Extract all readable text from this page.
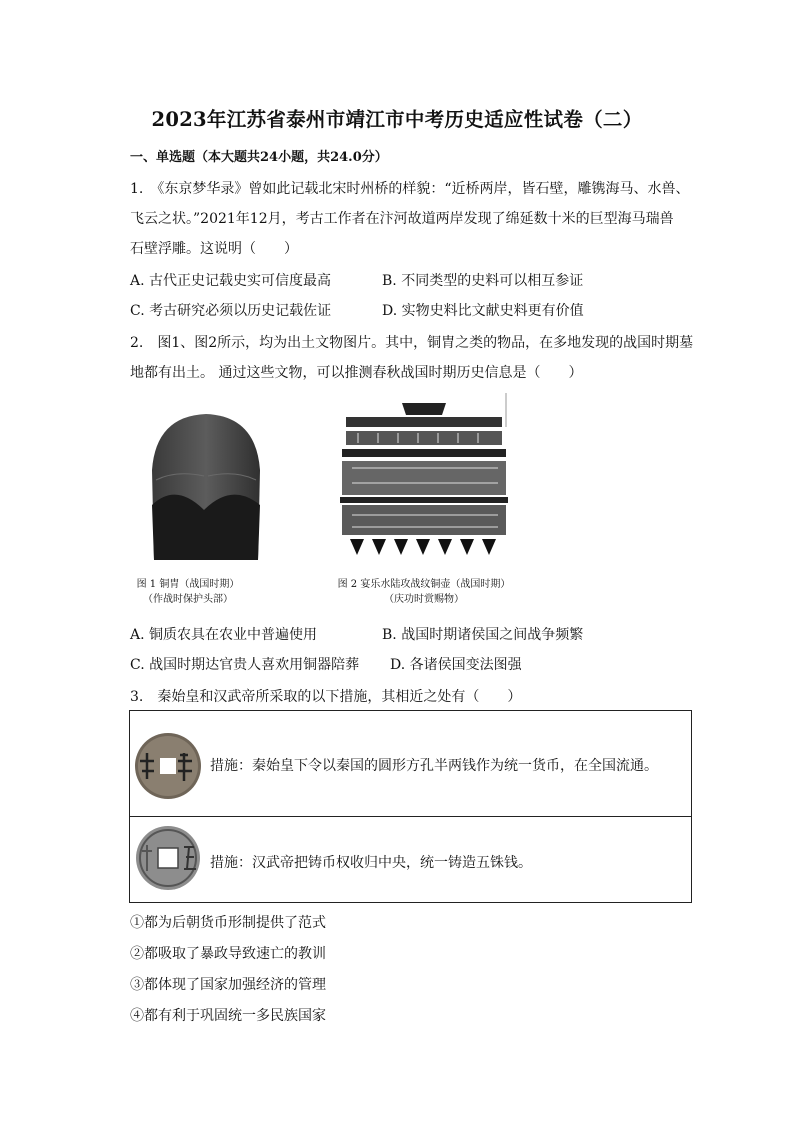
2023年江苏省泰州市靖江市中考历史适应性试卷（二）
一、单选题（本大题共24小题，共24.0分）
1.　《东京梦华录》曾如此记载北宋时州桥的样貌：“近桥两岸，皆石壁，雕镌海马、水兽、
飞云之状。”2021年12月，考古工作者在汴河故道两岸发现了绵延数十米的巨型海马瑞兽
石壁浮雕。这说明（　　）
A. 古代正史记载史实可信度最高	B. 不同类型的史料可以相互参证
C. 考古研究必须以历史记载佐证	D. 实物史料比文献史料更有价值
2.　图1、图2所示，均为出土文物图片。其中，铜胄之类的物品，在多地发现的战国时期墓
地都有出土。 通过这些文物，可以推测春秋战国时期历史信息是（　　）
图 1 铜胄（战国时期）
（作战时保护头部）
图 2 宴乐水陆攻战纹铜壶（战国时期）
（庆功时赏赐物）
A. 铜质农具在农业中普遍使用	B. 战国时期诸侯国之间战争频繁
C. 战国时期达官贵人喜欢用铜器陪葬 D. 各诸侯国变法图强
3.　秦始皇和汉武帝所采取的以下措施，其相近之处有（　　）
措施：秦始皇下令以秦国的圆形方孔半两钱作为统一货币，在全国流通。
措施：汉武帝把铸币权收归中央，统一铸造五铢钱。
①都为后朝货币形制提供了范式
②都吸取了暴政导致速亡的教训
③都体现了国家加强经济的管理
④都有利于巩固统一多民族国家
